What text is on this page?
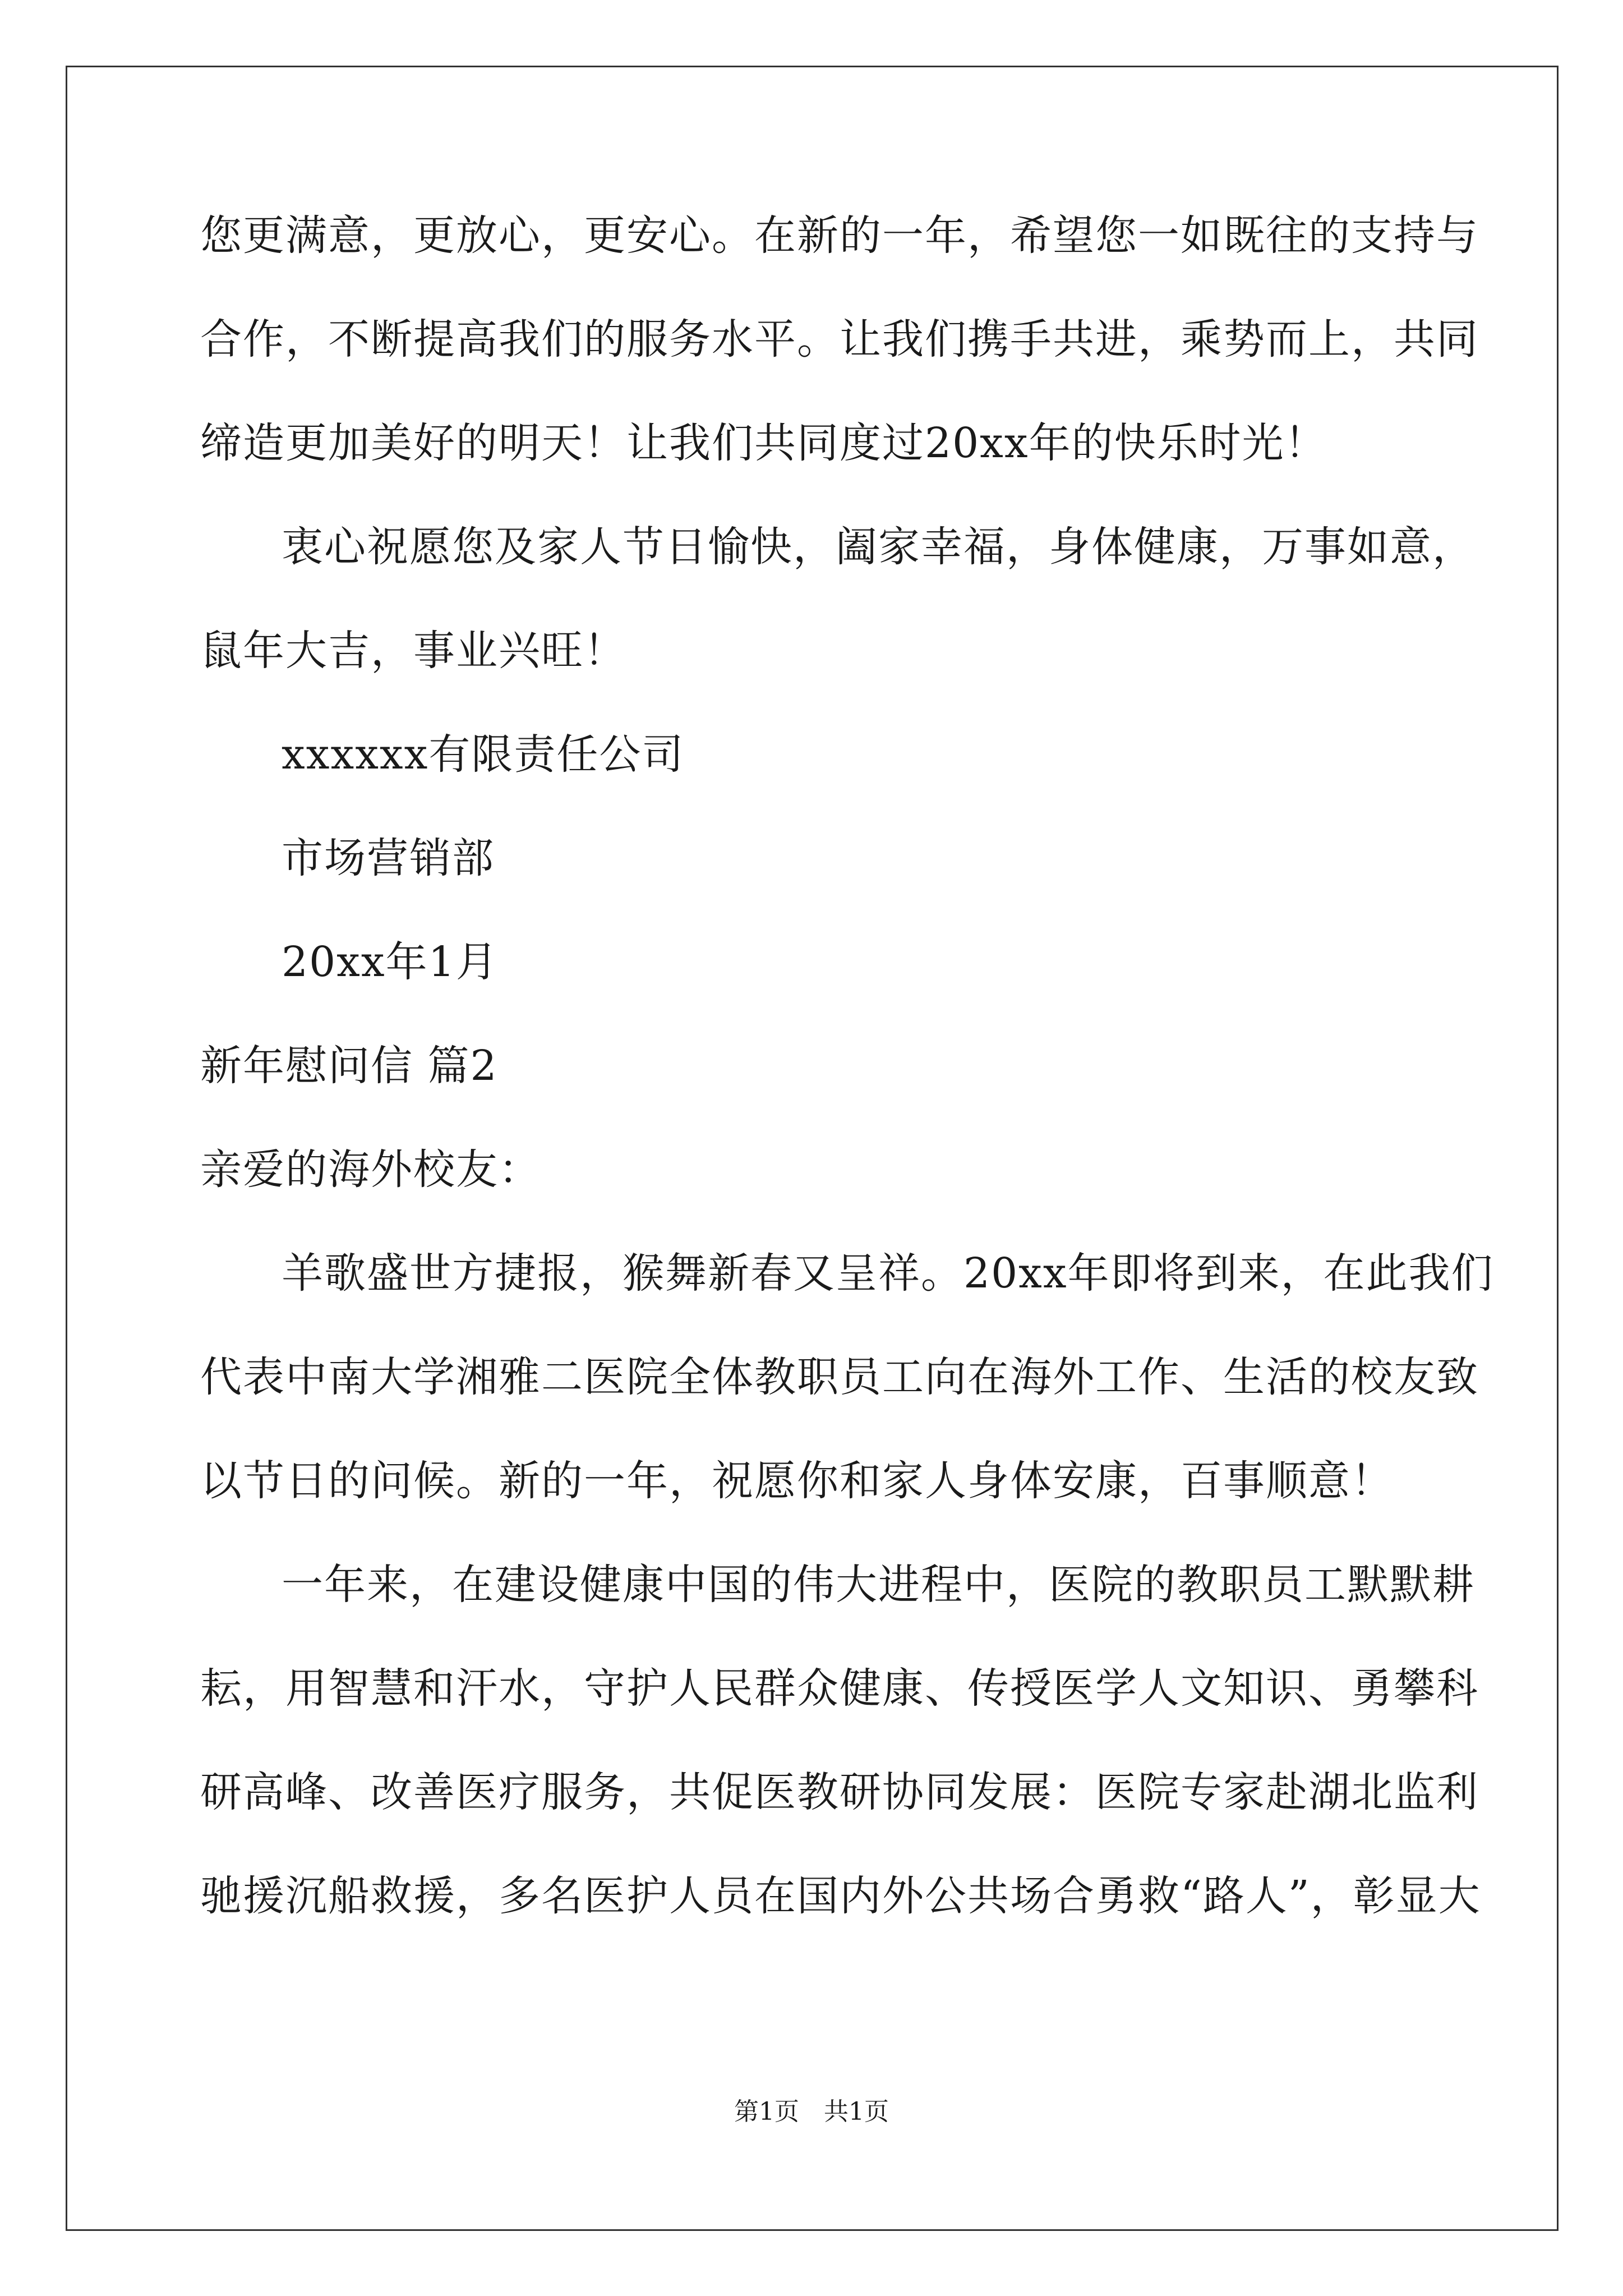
您更满意，更放心，更安心。在新的一年，希望您一如既往的支持与
合作，不断提高我们的服务水平。让我们携手共进，乘势而上，共同
缔造更加美好的明天！让我们共同度过20xx年的快乐时光！
衷心祝愿您及家人节日愉快，阖家幸福，身体健康，万事如意，
鼠年大吉，事业兴旺！
xxxxxx有限责任公司
市场营销部
20xx年1月
新年慰问信 篇2
亲爱的海外校友：
羊歌盛世方捷报，猴舞新春又呈祥。20xx年即将到来，在此我们
代表中南大学湘雅二医院全体教职员工向在海外工作、生活的校友致
以节日的问候。新的一年，祝愿你和家人身体安康，百事顺意！
一年来，在建设健康中国的伟大进程中，医院的教职员工默默耕
耘，用智慧和汗水，守护人民群众健康、传授医学人文知识、勇攀科
研高峰、改善医疗服务，共促医教研协同发展：医院专家赴湖北监利
驰援沉船救援，多名医护人员在国内外公共场合勇救“路人”，彰显大
第1页 共1页
